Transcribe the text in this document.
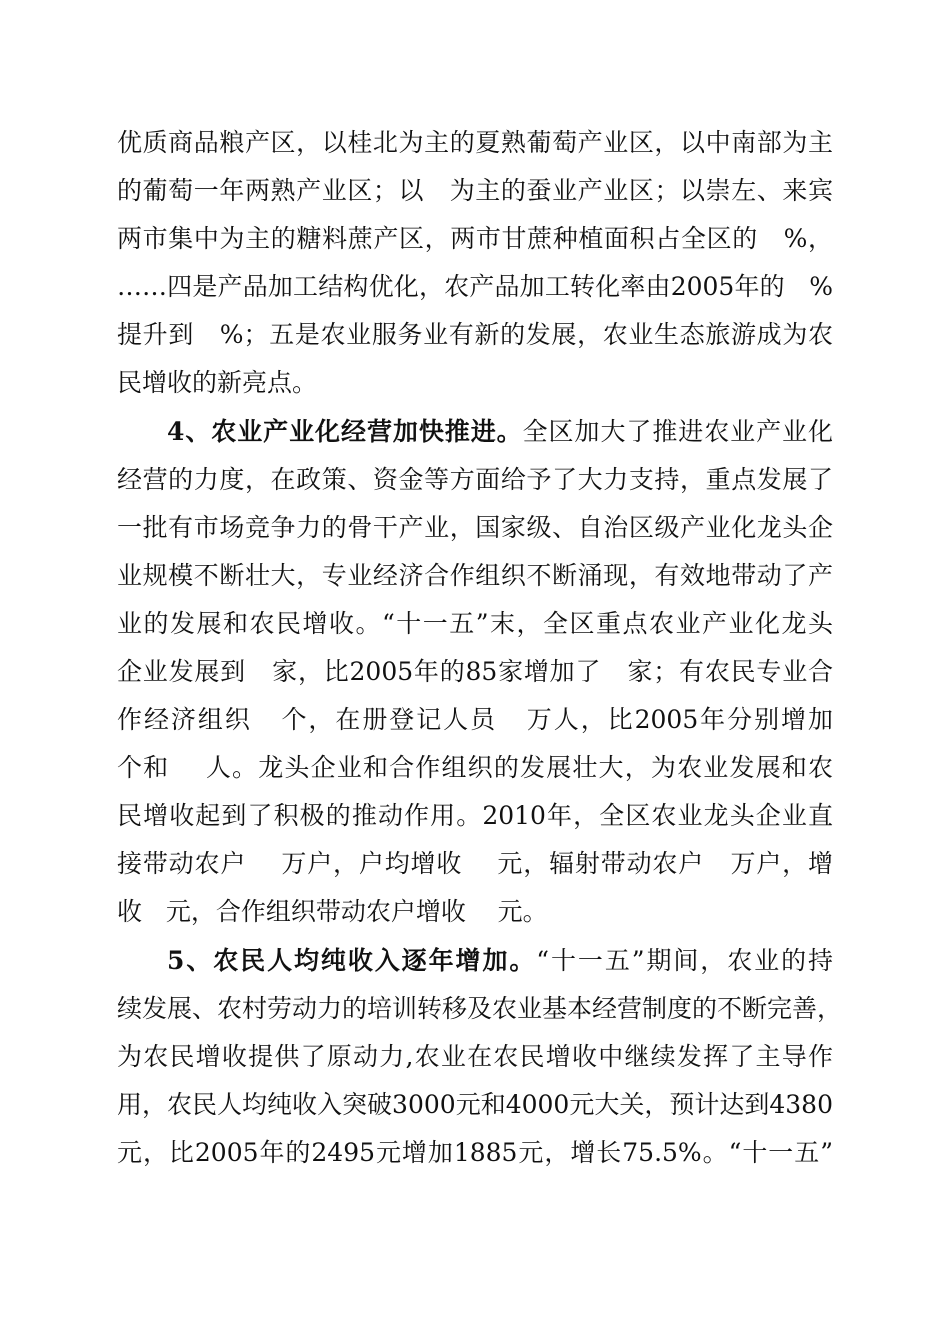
优质商品粮产区，以桂北为主的夏熟葡萄产业区，以中南部为主
的葡萄一年两熟产业区；以   为主的蚕业产业区；以崇左、来宾
两市集中为主的糖料蔗产区，两市甘蔗种植面积占全区的   %，
……四是产品加工结构优化，农产品加工转化率由2005年的   %
提升到   %；五是农业服务业有新的发展，农业生态旅游成为农
民增收的新亮点。
4、农业产业化经营加快推进。全区加大了推进农业产业化
经营的力度，在政策、资金等方面给予了大力支持，重点发展了
一批有市场竞争力的骨干产业，国家级、自治区级产业化龙头企
业规模不断壮大，专业经济合作组织不断涌现，有效地带动了产
业的发展和农民增收。“十一五”末，全区重点农业产业化龙头
企业发展到   家，比2005年的85家增加了   家；有农民专业合
作经济组织   个，在册登记人员   万人，比2005年分别增加
个和    人。龙头企业和合作组织的发展壮大，为农业发展和农
民增收起到了积极的推动作用。2010年，全区农业龙头企业直
接带动农户    万户，户均增收    元，辐射带动农户   万户，增
收   元，合作组织带动农户增收    元。
5、农民人均纯收入逐年增加。“十一五”期间，农业的持
续发展、农村劳动力的培训转移及农业基本经营制度的不断完善，
为农民增收提供了原动力,农业在农民增收中继续发挥了主导作
用，农民人均纯收入突破3000元和4000元大关，预计达到4380
元，比2005年的2495元增加1885元，增长75.5%。“十一五”
